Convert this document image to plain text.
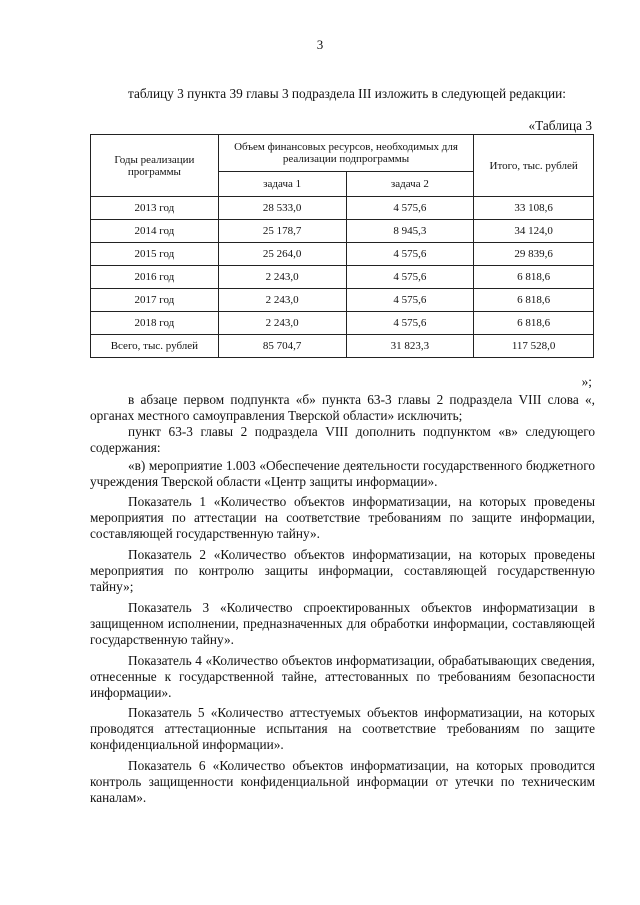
3
таблицу 3 пункта 39 главы 3 подраздела III изложить в следующей редакции:
«Таблица 3
Годы реализации программы	Объем финансовых ресурсов, необходимых для реализации подпрограммы		Итого, тыс. рублей
	задача 1	задача 2	
2013 год	28 533,0	4 575,6	33 108,6
2014 год	25 178,7	8 945,3	34 124,0
2015 год	25 264,0	4 575,6	29 839,6
2016 год	2 243,0	4 575,6	6 818,6
2017 год	2 243,0	4 575,6	6 818,6
2018 год	2 243,0	4 575,6	6 818,6
Всего, тыс. рублей	85 704,7	31 823,3	117 528,0
»;
в абзаце первом подпункта «б» пункта 63-3 главы 2 подраздела VIII слова «, органах местного самоуправления Тверской области» исключить;
пункт 63-3 главы 2 подраздела VIII дополнить подпунктом «в» следующего содержания:
«в) мероприятие 1.003 «Обеспечение деятельности государственного бюджетного учреждения Тверской области «Центр защиты информации».
Показатель 1 «Количество объектов информатизации, на которых проведены мероприятия по аттестации на соответствие требованиям по защите информации, составляющей государственную тайну».
Показатель 2 «Количество объектов информатизации, на которых проведены мероприятия по контролю защиты информации, составляющей государственную тайну»;
Показатель 3 «Количество спроектированных объектов информатизации в защищенном исполнении, предназначенных для обработки информации, составляющей государственную тайну».
Показатель 4 «Количество объектов информатизации, обрабатывающих сведения, отнесенные к государственной тайне, аттестованных по требованиям безопасности информации».
Показатель 5 «Количество аттестуемых объектов информатизации, на которых проводятся аттестационные испытания на соответствие требованиям по защите конфиденциальной информации».
Показатель 6 «Количество объектов информатизации, на которых проводится контроль защищенности конфиденциальной информации от утечки по техническим каналам».
